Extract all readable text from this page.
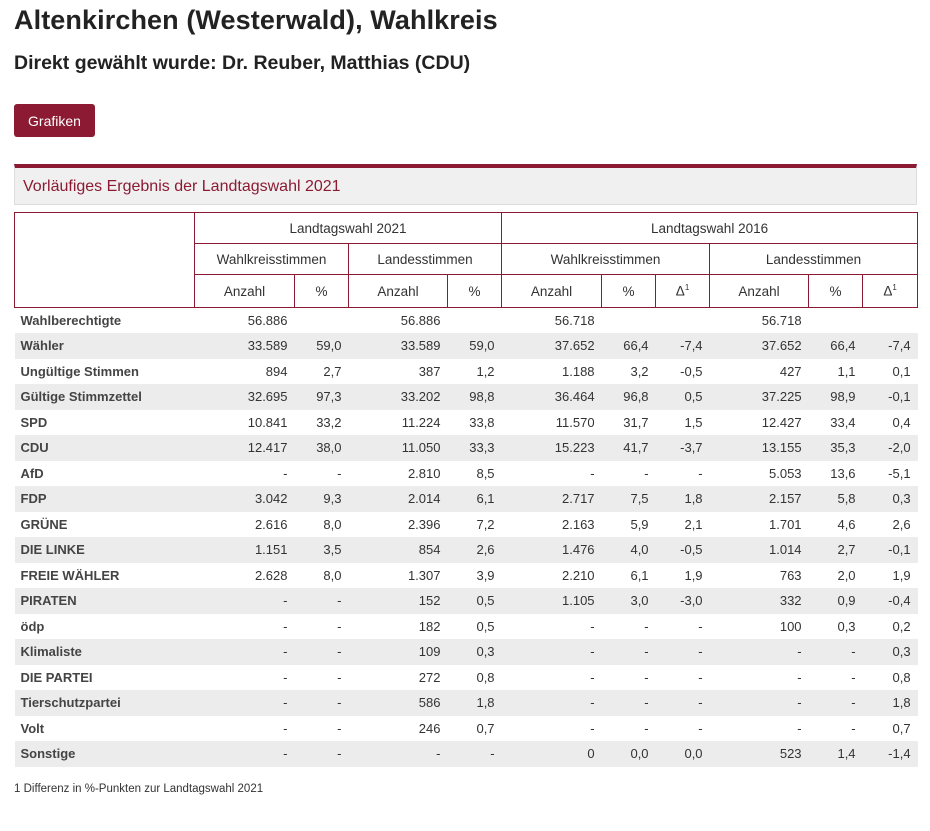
Altenkirchen (Westerwald), Wahlkreis
Direkt gewählt wurde: Dr. Reuber, Matthias (CDU)
Grafiken
Vorläufiges Ergebnis der Landtagswahl 2021
	Landtagswahl 2021				Landtagswahl 2016					
	Wahlkreisstimmen		Landesstimmen		Wahlkreisstimmen			Landesstimmen		
	Anzahl	%	Anzahl	%	Anzahl	%	$\Delta^1$	Anzahl	%	$\Delta^1$
Wahlberechtigte	56.886		56.886		56.718			56.718		
Wähler	33.589	59,0	33.589	59,0	37.652	66,4	-7,4	37.652	66,4	-7,4
Ungültige Stimmen	894	2,7	387	1,2	1.188	3,2	-0,5	427	1,1	0,1
Gültige Stimmzettel	32.695	97,3	33.202	98,8	36.464	96,8	0,5	37.225	98,9	-0,1
SPD	10.841	33,2	11.224	33,8	11.570	31,7	1,5	12.427	33,4	0,4
CDU	12.417	38,0	11.050	33,3	15.223	41,7	-3,7	13.155	35,3	-2,0
AfD	-	-	2.810	8,5	-	-	-	5.053	13,6	-5,1
FDP	3.042	9,3	2.014	6,1	2.717	7,5	1,8	2.157	5,8	0,3
GRÜNE	2.616	8,0	2.396	7,2	2.163	5,9	2,1	1.701	4,6	2,6
DIE LINKE	1.151	3,5	854	2,6	1.476	4,0	-0,5	1.014	2,7	-0,1
FREIE WÄHLER	2.628	8,0	1.307	3,9	2.210	6,1	1,9	763	2,0	1,9
PIRATEN	-	-	152	0,5	1.105	3,0	-3,0	332	0,9	-0,4
ödp	-	-	182	0,5	-	-	-	100	0,3	0,2
Klimaliste	-	-	109	0,3	-	-	-	-	-	0,3
DIE PARTEI	-	-	272	0,8	-	-	-	-	-	0,8
Tierschutzpartei	-	-	586	1,8	-	-	-	-	-	1,8
Volt	-	-	246	0,7	-	-	-	-	-	0,7
Sonstige	-	-	-	-	0	0,0	0,0	523	1,4	-1,4
1 Differenz in %-Punkten zur Landtagswahl 2021
